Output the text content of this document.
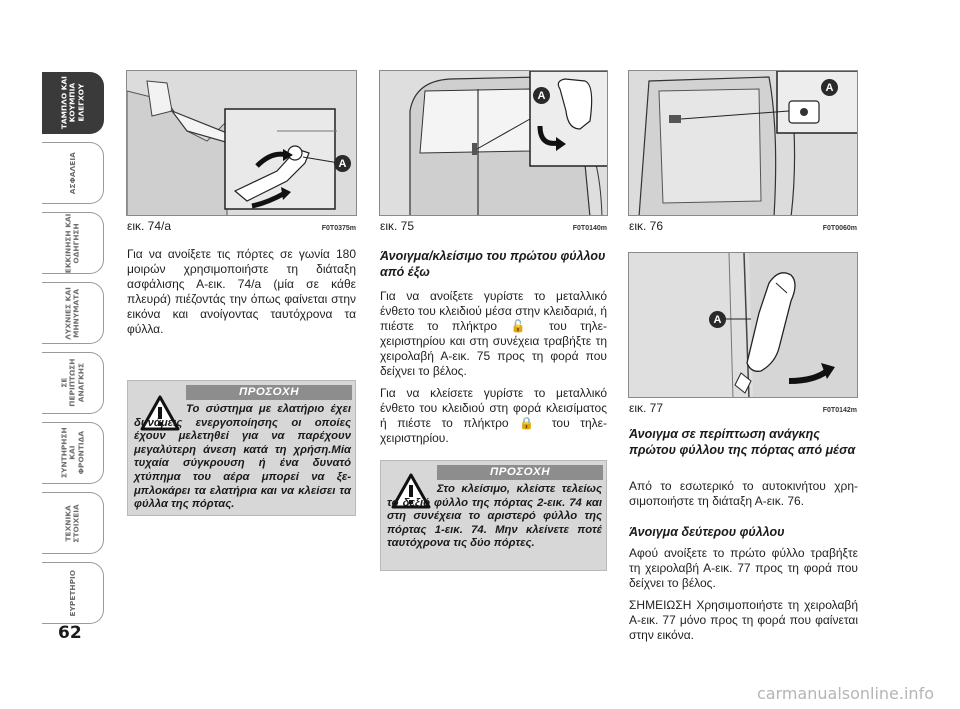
ΤΑΜΠΛΟ ΚΑΙ
ΚΟΥΜΠΙΑ
ΕΛΕΓΧΟΥ
ΑΣΦΑΛΕΙΑ
ΕΚΚΙΝΗΣΗ ΚΑΙ
ΟΔΗΓΗΣΗ
ΛΥΧΝΙΕΣ ΚΑΙ
ΜΗΝΥΜΑΤΑ
ΣΕ ΠΕΡΙΠΤΩΣΗ
ΑΝΑΓΚΗΣ
ΣΥΝΤΗΡΗΣΗ ΚΑΙ
ΦΡΟΝΤΙΔΑ
ΤΕΧΝΙΚΑ
ΣΤΟΙΧΕΙΑ
ΕΥΡΕΤΗΡΙΟ
62
A
εικ. 74/a	F0T0375m
A
εικ. 75	F0T0140m
A
εικ. 76	F0T0060m
A
εικ. 77	F0T0142m

Για να ανοίξετε τις πόρτες σε γωνία 180 μοιρών χρησιμοποιήστε τη διάταξη ασφάλισης Α-εικ. 74/a (μία σε κάθε πλευρά) πιέζοντάς την όπως φαίνεται στην εικόνα και ανοίγοντας ταυτόχρονα τα φύλλα.

ΠΡΟΣΟΧΗ
Το σύστημα με ελατήριο έχει δυνάμεις ενεργοποίησης οι οποίες έχουν μελετηθεί για να παρέχουν μεγαλύτερη άνεση κατά τη χρήση.Μία τυχαία σύγκρουση ή ένα δυνατό χτύπημα του αέρα μπορεί να ξεμπλοκάρει τα ελατήρια και να κλείσει τα φύλλα της πόρτας.
Άνοιγμα/κλείσιμο του πρώτου φύλλου από έξω

Για να ανοίξετε γυρίστε το μεταλλικό ένθετο του κλειδιού μέσα στην κλειδαριά, ή πιέστε το πλήκτρο 🔓 του τηλεχειριστηρίου και στη συνέχεια τραβήξτε τη χειρολαβή Α-εικ. 75 προς τη φορά που δείχνει το βέλος.

Για να κλείσετε γυρίστε το μεταλλικό ένθετο του κλειδιού στη φορά κλεισίματος ή πιέστε το πλήκτρο 🔒 του τηλεχειριστηρίου.

ΠΡΟΣΟΧΗ
Στο κλείσιμο, κλείστε τελείως το δεξιό φύλλο της πόρτας 2-εικ. 74 και στη συνέχεια το αριστερό φύλλο της πόρτας 1-εικ. 74. Μην κλείνετε ποτέ ταυτόχρονα τις δύο πόρτες.
Άνοιγμα σε περίπτωση ανάγκης πρώτου φύλλου της πόρτας από μέσα

Από το εσωτερικό το αυτοκινήτου χρησιμοποιήστε τη διάταξη Α-εικ. 76.

Άνοιγμα δεύτερου φύλλου

Αφού ανοίξετε το πρώτο φύλλο τραβήξτε τη χειρολαβή Α-εικ. 77 προς τη φορά που δείχνει το βέλος.

ΣΗΜΕΙΩΣΗ Χρησιμοποιήστε τη χειρολαβή Α-εικ. 77 μόνο προς τη φορά που φαίνεται στην εικόνα.

carmanualsonline.info
